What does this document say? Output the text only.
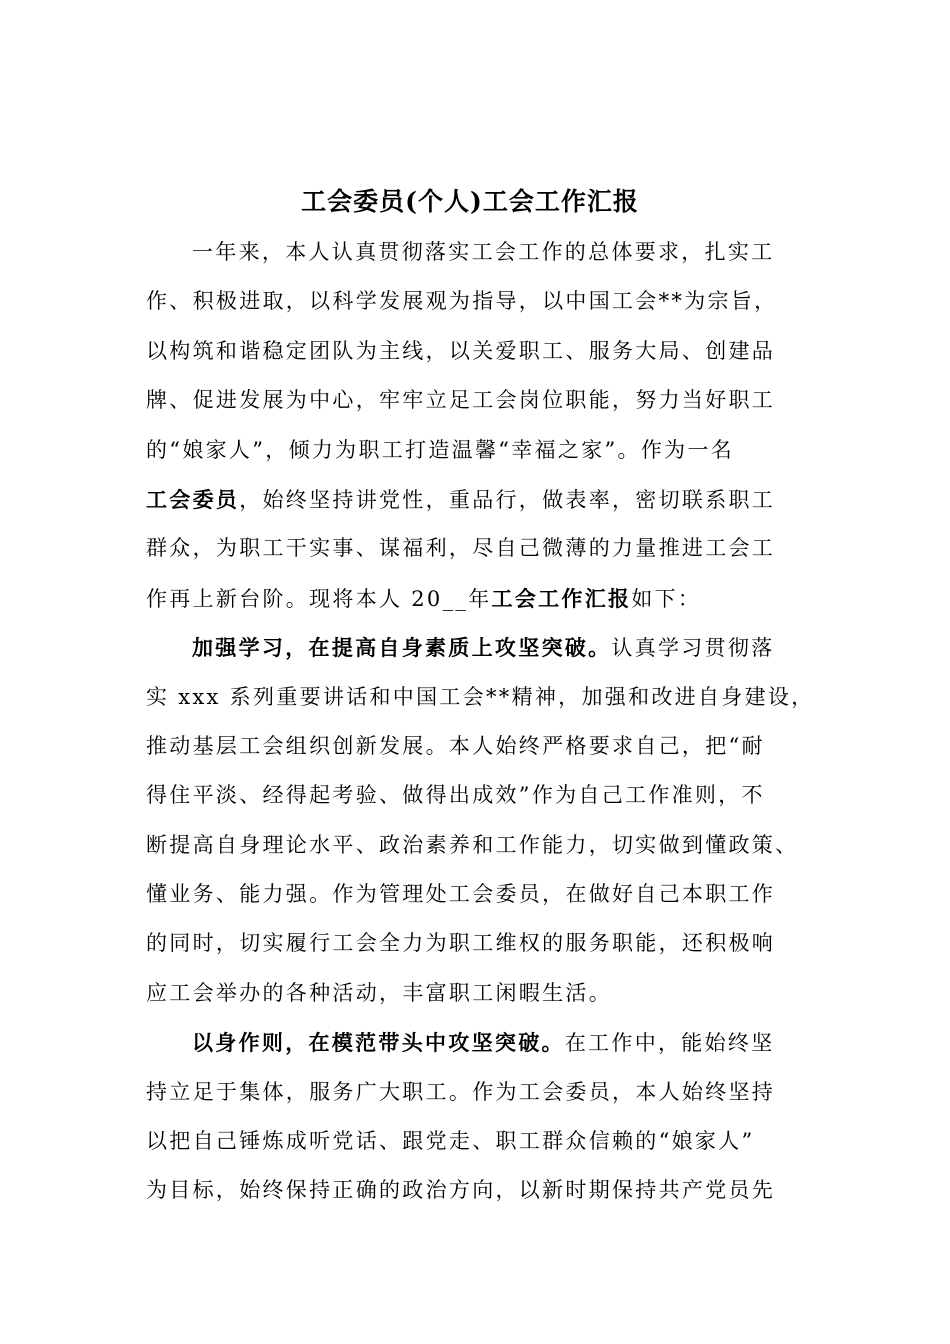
工会委员(个人)工会工作汇报
一年来，本人认真贯彻落实工会工作的总体要求，扎实工
作、积极进取，以科学发展观为指导，以中国工会**为宗旨，
以构筑和谐稳定团队为主线，以关爱职工、服务大局、创建品
牌、促进发展为中心，牢牢立足工会岗位职能，努力当好职工
的“娘家人”，倾力为职工打造温馨“幸福之家”。作为一名
工会委员，始终坚持讲党性，重品行，做表率，密切联系职工
群众，为职工干实事、谋福利，尽自己微薄的力量推进工会工
作再上新台阶。现将本人 20__年工会工作汇报如下：
加强学习，在提高自身素质上攻坚突破。认真学习贯彻落
实 xxx 系列重要讲话和中国工会**精神，加强和改进自身建设，
推动基层工会组织创新发展。本人始终严格要求自己，把“耐
得住平淡、经得起考验、做得出成效”作为自己工作准则，不
断提高自身理论水平、政治素养和工作能力，切实做到懂政策、
懂业务、能力强。作为管理处工会委员，在做好自己本职工作
的同时，切实履行工会全力为职工维权的服务职能，还积极响
应工会举办的各种活动，丰富职工闲暇生活。
以身作则，在模范带头中攻坚突破。在工作中，能始终坚
持立足于集体，服务广大职工。作为工会委员，本人始终坚持
以把自己锤炼成听党话、跟党走、职工群众信赖的“娘家人”
为目标，始终保持正确的政治方向，以新时期保持共产党员先
